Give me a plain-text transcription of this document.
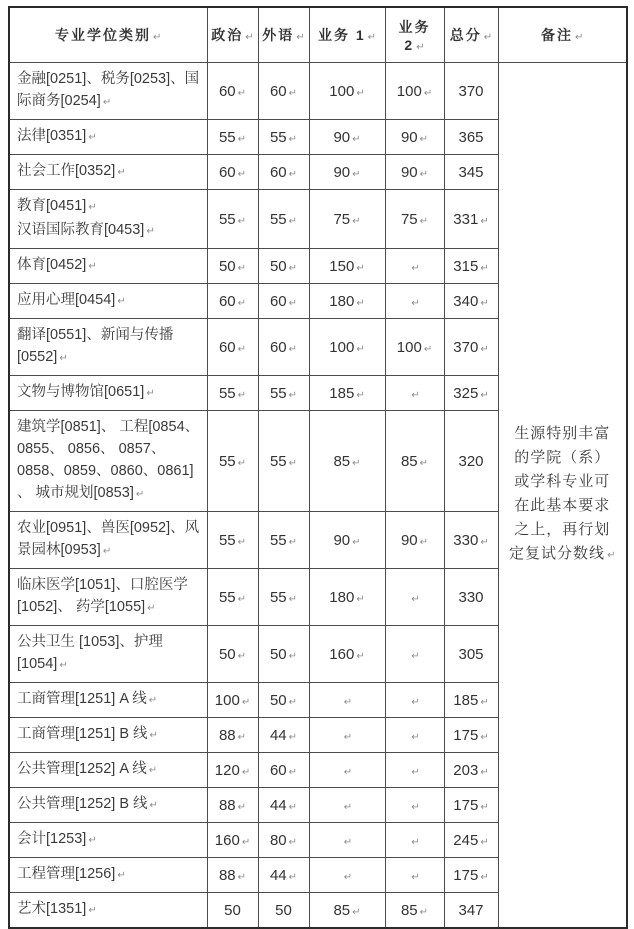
专业学位类别 ↵	政治 ↵	外语 ↵	业务 1 ↵	业务 2 ↵	总分 ↵	备注 ↵

金融[0251]、税务[0253]、国际商务[0254] ↵	60 ↵	60 ↵	100 ↵	100 ↵	370	生源特别丰富的学院（系）或学科专业可在此基本要求之上，再行划定复试分数线 ↵

法律[0351] ↵	55 ↵	55 ↵	90 ↵	90 ↵	365	

社会工作[0352] ↵	60 ↵	60 ↵	90 ↵	90 ↵	345	

教育[0451] ↵
汉语国际教育[0453] ↵	55 ↵	55 ↵	75 ↵	75 ↵	331 ↵	

体育[0452] ↵	50 ↵	50 ↵	150 ↵	↵	315 ↵	

应用心理[0454] ↵	60 ↵	60 ↵	180 ↵	↵	340 ↵	

翻译[0551]、新闻与传播[0552] ↵	60 ↵	60 ↵	100 ↵	100 ↵	370 ↵	

文物与博物馆[0651] ↵	55 ↵	55 ↵	185 ↵	↵	325 ↵	

建筑学[0851]、 工程[0854、 0855、 0856、 0857、0858、0859、0860、0861] 、 城市规划[0853] ↵	55 ↵	55 ↵	85 ↵	85 ↵	320	

农业[0951]、兽医[0952]、风景园林[0953] ↵	55 ↵	55 ↵	90 ↵	90 ↵	330 ↵	

临床医学[1051]、口腔医学[1052]、 药学[1055] ↵	55 ↵	55 ↵	180 ↵	↵	330	

公共卫生 [1053]、护理[1054] ↵	50 ↵	50 ↵	160 ↵	↵	305	

工商管理[1251] A 线 ↵	100 ↵	50 ↵	↵	↵	185 ↵	

工商管理[1251] B 线 ↵	88 ↵	44 ↵	↵	↵	175 ↵	

公共管理[1252] A 线 ↵	120 ↵	60 ↵	↵	↵	203 ↵	

公共管理[1252] B 线 ↵	88 ↵	44 ↵	↵	↵	175 ↵	

会计[1253] ↵	160 ↵	80 ↵	↵	↵	245 ↵	

工程管理[1256] ↵	88 ↵	44 ↵	↵	↵	175 ↵	

艺术[1351] ↵	50	50	85 ↵	85 ↵	347	
